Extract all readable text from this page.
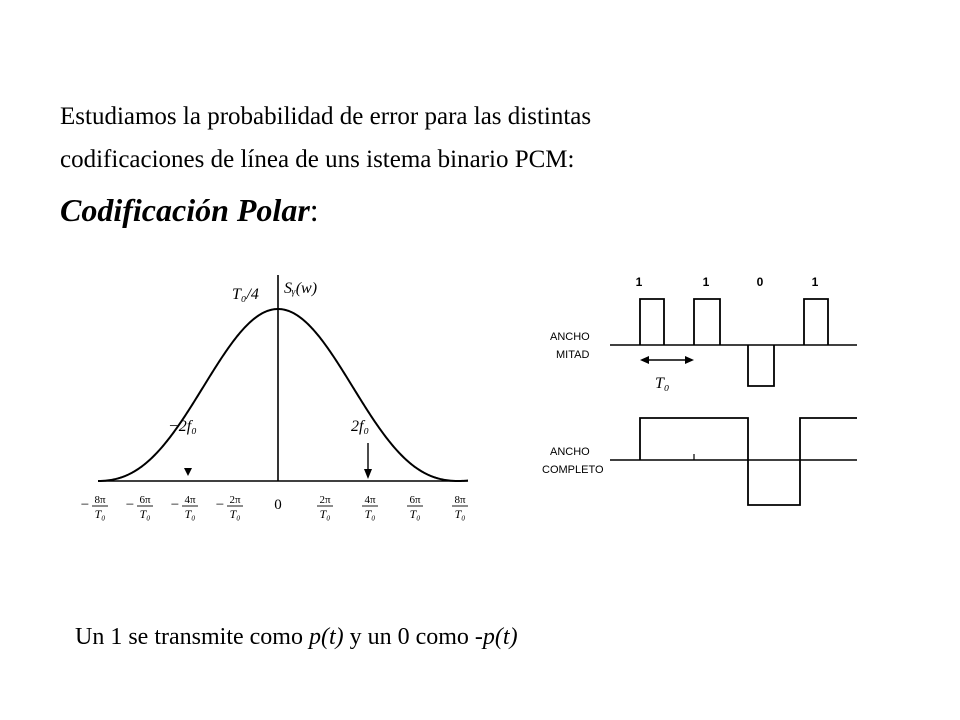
Estudiamos la probabilidad de error para las distintas
codificaciones de línea de uns istema binario PCM:

Codificación Polar:
T₀/4 Sᵧ(w)
−2f₀	2f₀
− 8π
T₀
− 6π
T₀
− 4π
T₀
− 2π
T₀
0	2π
T₀
4π
T₀
6π
T₀
8π
T₀
1	1	0	1
ANCHO
MITAD
T₀
ANCHO
COMPLETO

Un 1 se transmite como p(t) y un 0 como -p(t)
